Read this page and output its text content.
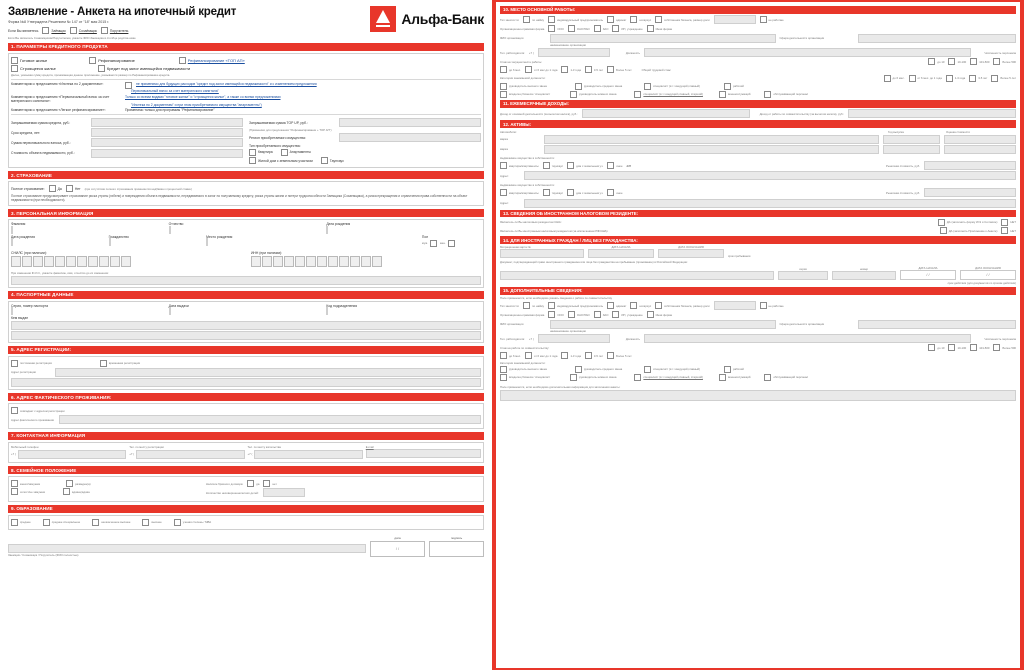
Заявление - Анкета на ипотечный кредит
Форма №8 Утверждена Решением № 147 от "18" мая 2015 г.
Если Вы являетесь	Заёмщик	Созаёмщик	Поручитель
Если Вы являетесь Созаёмщиком/Поручителем, укажите ФИО Заемщика в столбце родства ниже
Альфа-Банк
1. ПАРАМЕТРЫ КРЕДИТНОГО ПРОДУКТА
Готовое жилье	Рефинансирование	Рефинансирование «ТОП АП»
Строящееся жилье	Кредит под залог имеющейся недвижимости
Далее, указывая сумму кредита, принимающая данное приложение, указывается размер по Рефинансированию кредита.
Комментарии к предложению «Ипотека по 2 документам»:	не применимо для будущих расходов "кредит под залог имеющейся недвижимости" и с изменением предложения
Первоначальный взнос за счет материнского капитала"
Комментарии к предложению «Первоначальный взнос за счет материнского капитала»:
Только со всеми видами "готовое жилье" и "строящееся жилье", а также со всеми предложениями
"Ипотека по 2 документам" и при этом приобретаемого имущества "апартаменты")
Комментарии к предложению «Легкое рефинансирование»:	Применимо только для программы "Рефинансирование"
Запрашиваемая сумма кредита, руб.:
Срок кредита, лет:
Сумма первоначального взноса, руб.:
Стоимость объекта недвижимости, руб.:
Запрашиваемая сумма ТОР UP, руб.:
(Применимо для предложения "Рефинансирование + ТОР АП")
Регион приобретаемого имущества:
Тип приобретаемого имущества:
Квартира	Апартаменты
Жилой дом с земельным участком	Таунхаус
2. СТРАХОВАНИЕ
Полное страхование:	Да	Нет (при отсутствии полного страхования применяется надбавка к процентной ставке)
Полное страхование предусматривает страхование риска утраты (гибели) и повреждения объекта недвижимости, передаваемого в залог по получаемому кредиту, риска утраты жизни и потери трудоспособности Заемщика (Созаемщика), а риска прекращения и ограничения права собственности на объект недвижимости (при необходимости).
3. ПЕРСОНАЛЬНАЯ ИНФОРМАЦИЯ
Фамилия	Отчество	Дата рождения
Дата рождения	Гражданство	Место рождения	Пол
муж.	жен.
СНИЛС (при наличии):	ИНН (при наличии):
При изменении Ф.И.О., укажите фамилию, имя, отчество до их изменения:
4. ПАСПОРТНЫЕ ДАННЫЕ
Серия, номер паспорта	Дата выдачи	Код подразделения
Кем выдан
5. АДРЕС РЕГИСТРАЦИИ:
постоянная регистрация	временная регистрация
Адрес регистрации
6. АДРЕС ФАКТИЧЕСКОГО ПРОЖИВАНИЯ:
совпадает с адресом регистрации
Адрес фактического проживания
7. КОНТАКТНАЯ ИНФОРМАЦИЯ
Мобильный телефон
+7 (
Тел. по месту регистрации
+7 (
Тел. по месту жительства
+7 (
E-mail
8. СЕМЕЙНОЕ ПОЛОЖЕНИЕ
женат/замужем	разведен(а)
холост/не замужем	вдовец/вдова
Наличие брачного договора:	да	нет
Количество несовершеннолетних детей:
9. ОБРАЗОВАНИЕ
среднее	среднее специальное	неоконченное высшее	высшее	ученая степень / МВА
Заемщик / Созаемщик / Поручитель (ФИО полностью)
дата
/ /
подпись
10. МЕСТО ОСНОВНОЙ РАБОТЫ:
Тип занятости:	по найму	индивидуальный предприниматель	адвокат	нотариус	собственник бизнеса, размер доли	не работаю
Организационно-правовая форма	ООО	ОАО/ПАО	ЗАО	ИП, учреждение	Иная форма
ФИО организации	Сфера деятельности организации
наименование организации
Тел. работодателя: +7 (	Должность	Численность персонала
Стаж на текущем месте работы:	до 10	10-100	101-500	Более 500
до 6 мес.	от 6 мес.до 1 года	1-3 года	3-5 лет	Более 5 лет	Общий трудовой стаж:
Категория занимаемой должности:	до 6 мес.	от 6 мес. до 1 года	1-3 года	3-5 лет	Более 5 лет
руководитель высшего звена	руководитель среднего звена	специалист (в т.ч.ведущий,главный)	рабочий
владелец бизнеса / специалист	руководитель нижнего звена	специалист (в т.ч.ведущий,главный, старший)	военнослужащий	обслуживающий персонал
11. ЕЖЕМЕСЯЧНЫЕ ДОХОДЫ:
Доход от основной деятельности (за вычетом налога), руб.:	Доход от работы по совместительству (за вычетом налога), руб.:
12. АКТИВЫ:
Автомобили:	Год выпуска	Оценка стоимости
марка
марка
Недвижимое имущество в собственности:
квартира/апартаменты	таунхаус	дом с земельным уч.	иное diff	Рыночная стоимость, руб.
Адрес:
Недвижимое имущество в собственности:
квартира/апартаменты	таунхаус	дом с земельным уч.	иное	Рыночная стоимость, руб.
Адрес:
13. СВЕДЕНИЯ ОБ ИНОСТРАННОМ НАЛОГОВОМ РЕЗИДЕНТЕ:
Являетесь ли Вы налоговым резидентом США:	ДА (заполнить форму W-9 и Согласие)	НЕТ
Являетесь ли Вы иностранным налоговым резидентом (за исключением РФ/США):	ДА (заполнить Приложение к Анкете)	НЕТ
14. ДЛЯ ИНОСТРАННЫХ ГРАЖДАН / ЛИЦ БЕЗ ГРАЖДАНСТВА:
Миграционная карта №	ДАТА НАЧАЛА	ДАТА ОКОНЧАНИЯ
срок пребывания
Документ, подтверждающий право иностранного гражданина или лица без гражданства на пребывание (проживание) в Российской Федерации:
серия	номер	ДАТА НАЧАЛА
/ /
ДАТА ОКОНЧАНИЯ
/ /
срок действия (для документов со сроком действия)
15. ДОПОЛНИТЕЛЬНЫЕ СВЕДЕНИЯ:
Поле применяется, если необходимо указать сведения о работе по совместительству
Тип занятости:	по найму	индивидуальный предприниматель	адвокат	нотариус	собственник бизнеса, размер доли	не работаю
Организационно-правовая форма	ООО	ОАО/ПАО	ЗАО	ИП, учреждение	Иная форма
ФИО организации	Сфера деятельности организации
наименование организации
Тел. работодателя: +7 (	Должность	Численность персонала
Стаж на работе по совместительству:	до 10	10-100	101-500	Более 500
до 6 мес.	от 6 мес.до 1 года	1-3 года	3-5 лет	Более 5 лет
Категория занимаемой должности:
руководитель высшего звена	руководитель среднего звена	специалист (в т.ч.ведущий,главный)	рабочий
владелец бизнеса / специалист	руководитель нижнего звена	специалист (в т.ч.ведущий,главный, старший)	военнослужащий	обслуживающий персонал
Поле применяется, если необходимо дополнительная информация для заполнения анкеты:
